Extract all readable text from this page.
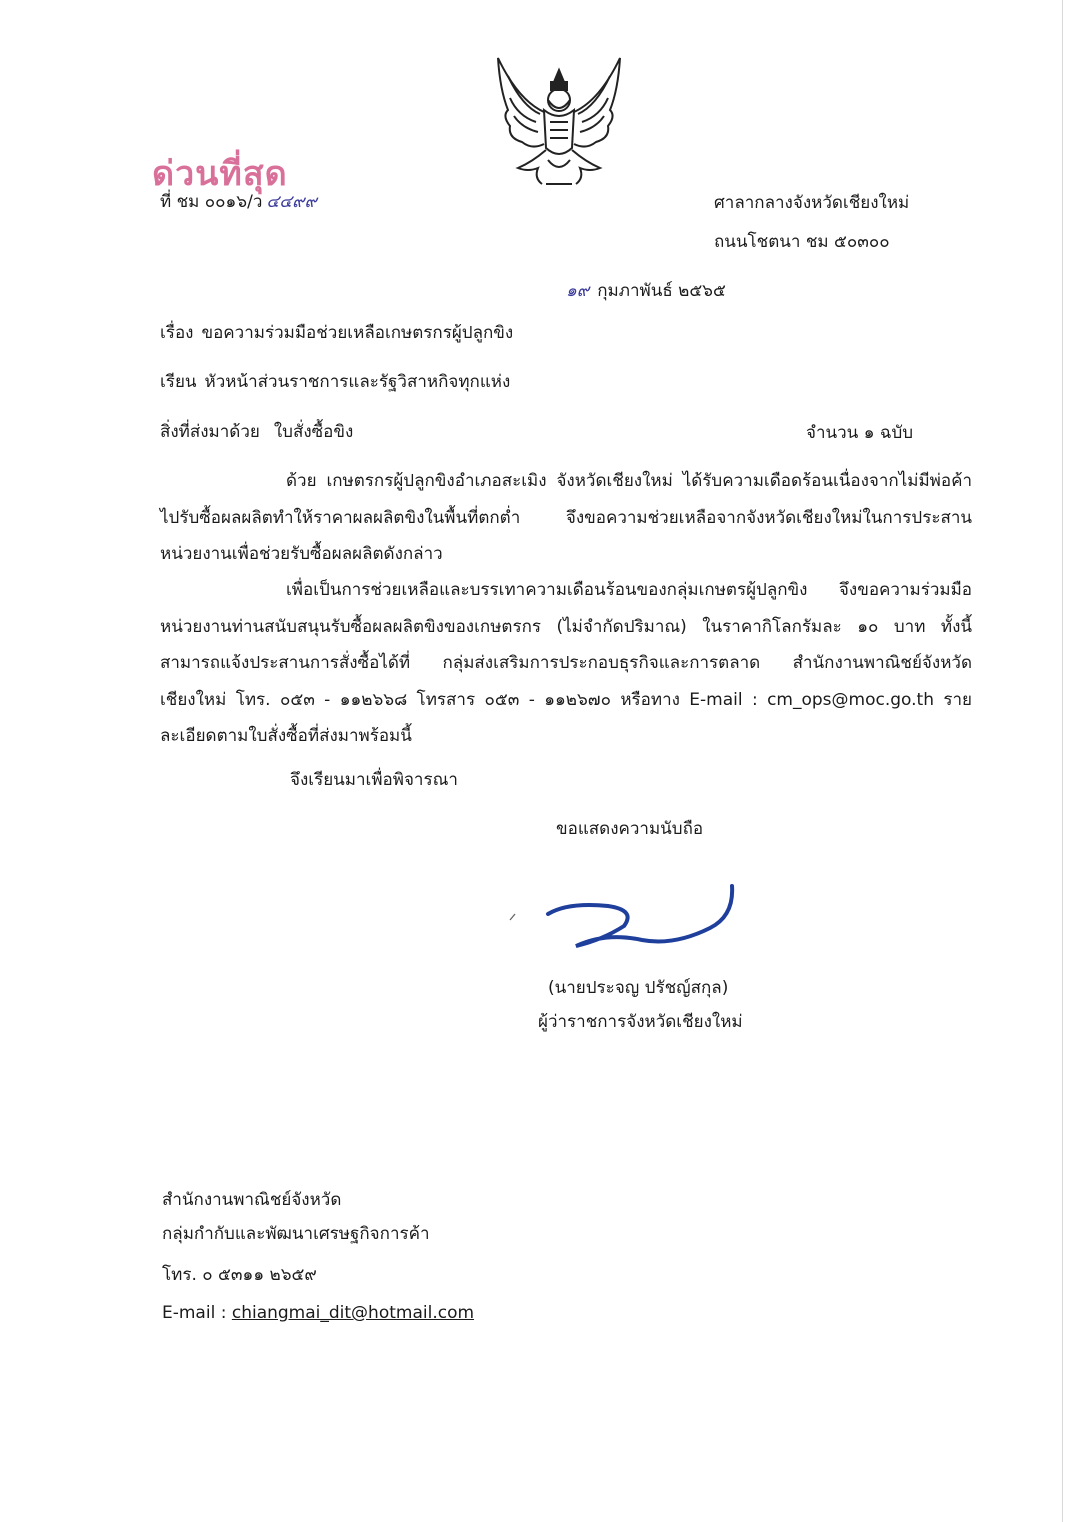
ด่วนที่สุด
ที่ ชม ๐๐๑๖/ว ๔๔๙๙	ศาลากลางจังหวัดเชียงใหม่
ถนนโชตนา ชม ๕๐๓๐๐
๑๙ กุมภาพันธ์ ๒๕๖๕
เรื่อง ขอความร่วมมือช่วยเหลือเกษตรกรผู้ปลูกขิง
เรียน หัวหน้าส่วนราชการและรัฐวิสาหกิจทุกแห่ง
สิ่งที่ส่งมาด้วย ใบสั่งซื้อขิง	จำนวน ๑ ฉบับ
ด้วย เกษตรกรผู้ปลูกขิงอำเภอสะเมิง จังหวัดเชียงใหม่ ได้รับความเดือดร้อนเนื่องจากไม่มีพ่อค้าไปรับซื้อผลผลิตทำให้ราคาผลผลิตขิงในพื้นที่ตกต่ำ จึงขอความช่วยเหลือจากจังหวัดเชียงใหม่ในการประสานหน่วยงานเพื่อช่วยรับซื้อผลผลิตดังกล่าว
เพื่อเป็นการช่วยเหลือและบรรเทาความเดือนร้อนของกลุ่มเกษตรผู้ปลูกขิง จึงขอความร่วมมือหน่วยงานท่านสนับสนุนรับซื้อผลผลิตขิงของเกษตรกร (ไม่จำกัดปริมาณ) ในราคากิโลกรัมละ ๑๐ บาท ทั้งนี้สามารถแจ้งประสานการสั่งซื้อได้ที่ กลุ่มส่งเสริมการประกอบธุรกิจและการตลาด สำนักงานพาณิชย์จังหวัดเชียงใหม่ โทร. ๐๕๓ - ๑๑๒๖๖๘ โทรสาร ๐๕๓ - ๑๑๒๖๗๐ หรือทาง E-mail : cm_ops@moc.go.th รายละเอียดตามใบสั่งซื้อที่ส่งมาพร้อมนี้
จึงเรียนมาเพื่อพิจารณา
ขอแสดงความนับถือ
(นายประจญ ปรัชญ์สกุล)
ผู้ว่าราชการจังหวัดเชียงใหม่
สำนักงานพาณิชย์จังหวัด
กลุ่มกำกับและพัฒนาเศรษฐกิจการค้า
โทร. ๐ ๕๓๑๑ ๒๖๕๙
E-mail : chiangmai_dit@hotmail.com
